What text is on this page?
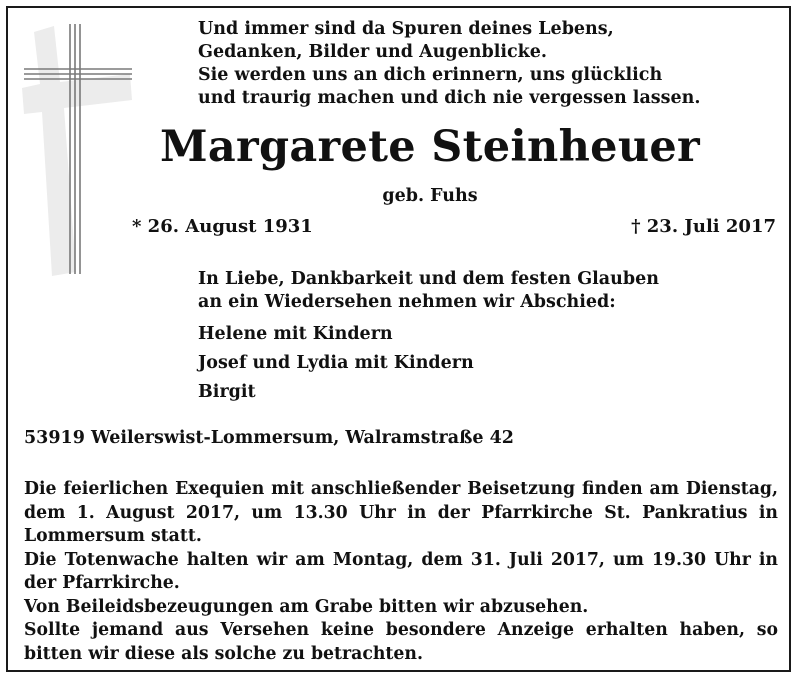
Und immer sind da Spuren deines Lebens,
Gedanken, Bilder und Augenblicke.
Sie werden uns an dich erinnern, uns glücklich
und traurig machen und dich nie vergessen lassen.
Margarete Steinheuer
geb. Fuhs
* 26. August 1931	† 23. Juli 2017
In Liebe, Dankbarkeit und dem festen Glauben
an ein Wiedersehen nehmen wir Abschied:
Helene mit Kindern
Josef und Lydia mit Kindern
Birgit
53919 Weilerswist-Lommersum, Walramstraße 42

Die feierlichen Exequien mit anschließender Beisetzung finden am Dienstag, dem 1. August 2017, um 13.30 Uhr in der Pfarrkirche St. Pankratius in Lommersum statt.

Die Totenwache halten wir am Montag, dem 31. Juli 2017, um 19.30 Uhr in der Pfarrkirche.

Von Beileidsbezeugungen am Grabe bitten wir abzusehen.

Sollte jemand aus Versehen keine besondere Anzeige erhalten haben, so bitten wir diese als solche zu betrachten.
